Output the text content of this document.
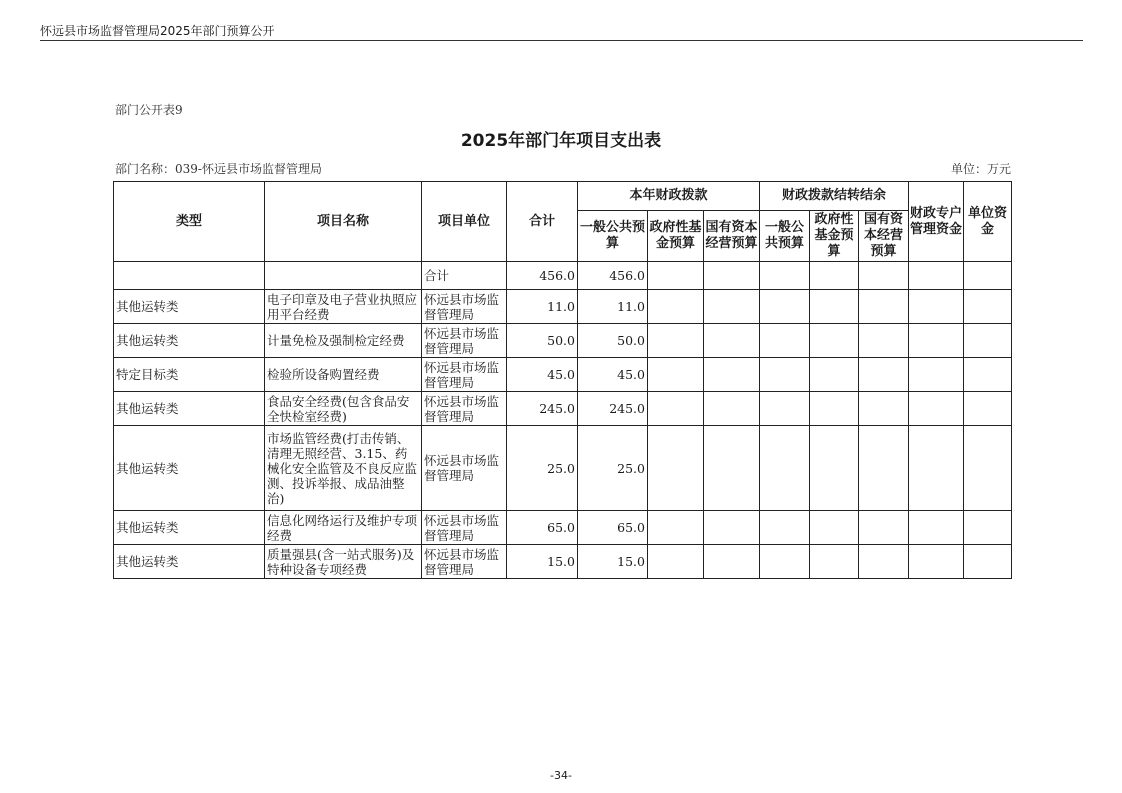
怀远县市场监督管理局2025年部门预算公开
部门公开表9
2025年部门年项目支出表
部门名称：039-怀远县市场监督管理局	单位：万元
类型	项目名称	项目单位	合计	本年财政拨款			财政拨款结转结余			财政专户管理资金	单位资金
				一般公共预算	政府性基金预算	国有资本经营预算	一般公共预算	政府性基金预算	国有资本经营预算		
		合计	456.0	456.0							
其他运转类	电子印章及电子营业执照应用平台经费	怀远县市场监督管理局	11.0	11.0							
其他运转类	计量免检及强制检定经费	怀远县市场监督管理局	50.0	50.0							
特定目标类	检验所设备购置经费	怀远县市场监督管理局	45.0	45.0							
其他运转类	食品安全经费(包含食品安全快检室经费)	怀远县市场监督管理局	245.0	245.0							
其他运转类	市场监管经费(打击传销、清理无照经营、3.15、药械化安全监管及不良反应监测、投诉举报、成品油整治)	怀远县市场监督管理局	25.0	25.0							
其他运转类	信息化网络运行及维护专项经费	怀远县市场监督管理局	65.0	65.0							
其他运转类	质量强县(含一站式服务)及特种设备专项经费	怀远县市场监督管理局	15.0	15.0							
-34-
